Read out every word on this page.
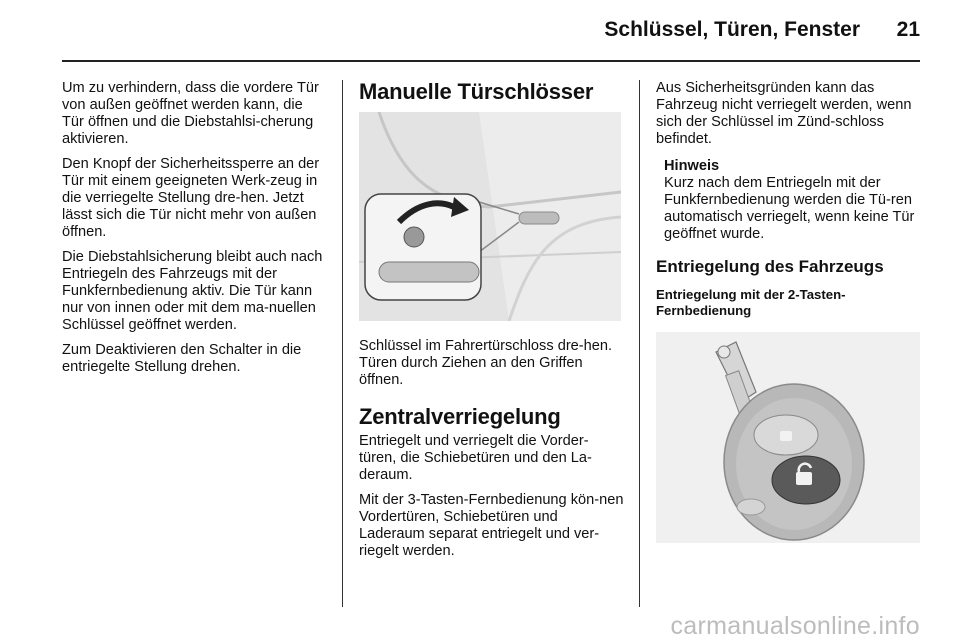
Schlüssel, Türen, Fenster	21

Um zu verhindern, dass die vordere Tür von außen geöffnet werden kann, die Tür öffnen und die Diebstahlsi-cherung aktivieren.

Den Knopf der Sicherheitssperre an der Tür mit einem geeigneten Werk-zeug in die verriegelte Stellung dre-hen. Jetzt lässt sich die Tür nicht mehr von außen öffnen.

Die Diebstahlsicherung bleibt auch nach Entriegeln des Fahrzeugs mit der Funkfernbedienung aktiv. Die Tür kann nur von innen oder mit dem ma-nuellen Schlüssel geöffnet werden.

Zum Deaktivieren den Schalter in die entriegelte Stellung drehen.

Manuelle Türschlösser

Schlüssel im Fahrertürschloss dre-hen. Türen durch Ziehen an den Griffen öffnen.

Zentralverriegelung

Entriegelt und verriegelt die Vorder-türen, die Schiebetüren und den La-deraum.

Mit der 3-Tasten-Fernbedienung kön-nen Vordertüren, Schiebetüren und Laderaum separat entriegelt und ver-riegelt werden.

Aus Sicherheitsgründen kann das Fahrzeug nicht verriegelt werden, wenn sich der Schlüssel im Zünd-schloss befindet.

Hinweis
Kurz nach dem Entriegeln mit der Funkfernbedienung werden die Tü-ren automatisch verriegelt, wenn keine Tür geöffnet wurde.
Entriegelung des Fahrzeugs
Entriegelung mit der 2-Tasten-Fernbedienung
carmanualsonline.info
